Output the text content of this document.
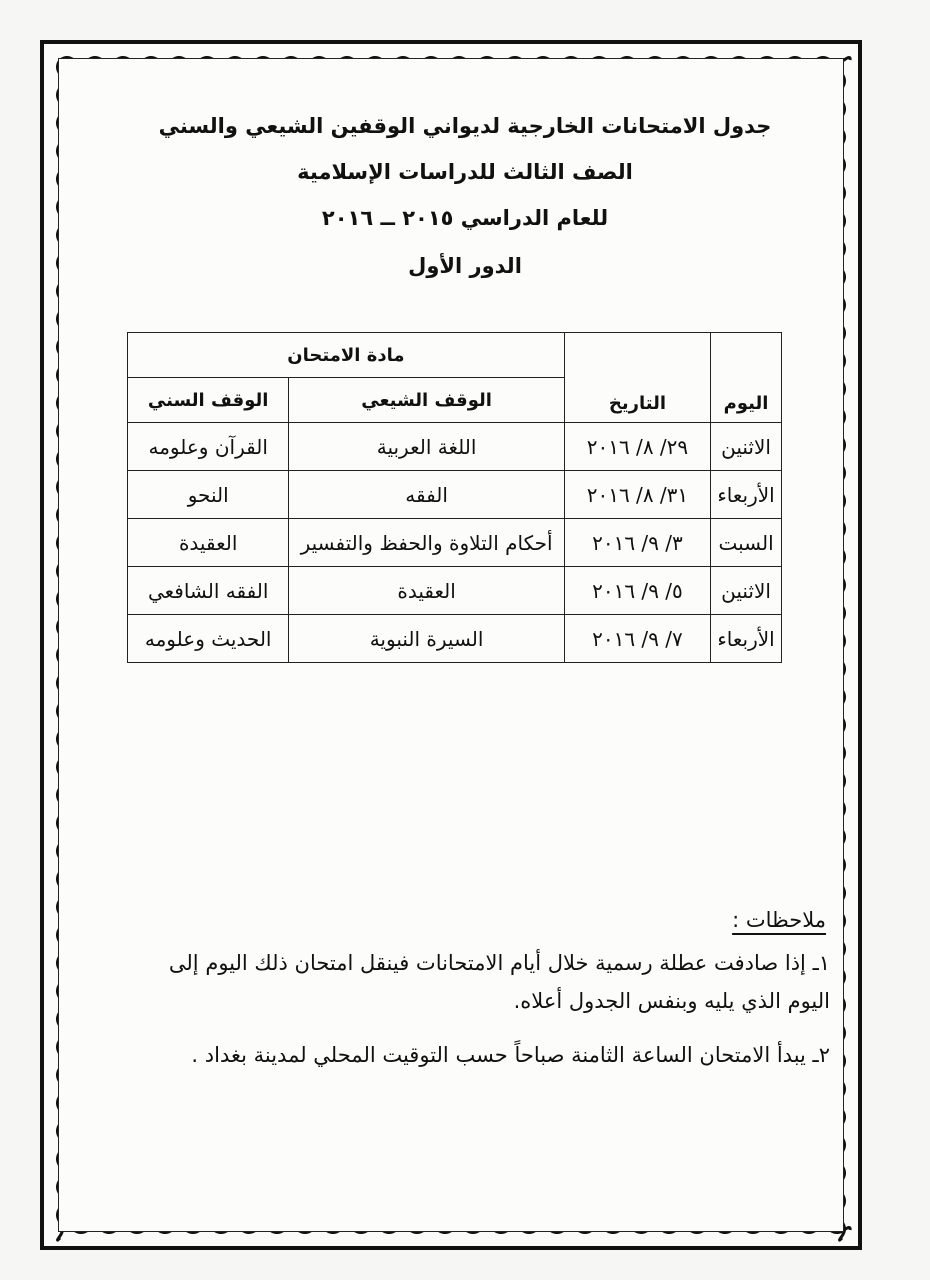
جدول الامتحانات الخارجية لديواني الوقفين الشيعي والسني
الصف الثالث للدراسات الإسلامية
للعام الدراسي ٢٠١٥ ــ ٢٠١٦
الدور الأول
اليوم	التاريخ	مادة الامتحان	
		الوقف الشيعي	الوقف السني
الاثنين	٢٩/ ٨/ ٢٠١٦	اللغة العربية	القرآن وعلومه
الأربعاء	٣١/ ٨/ ٢٠١٦	الفقه	النحو
السبت	٣/ ٩/ ٢٠١٦	أحكام التلاوة والحفظ والتفسير	العقيدة
الاثنين	٥/ ٩/ ٢٠١٦	العقيدة	الفقه الشافعي
الأربعاء	٧/ ٩/ ٢٠١٦	السيرة النبوية	الحديث وعلومه
ملاحظات :
١ـ إذا صادفت عطلة رسمية خلال أيام الامتحانات فينقل امتحان ذلك اليوم إلى اليوم الذي يليه وبنفس الجدول أعلاه.
٢ـ يبدأ الامتحان الساعة الثامنة صباحاً حسب التوقيت المحلي لمدينة بغداد .
